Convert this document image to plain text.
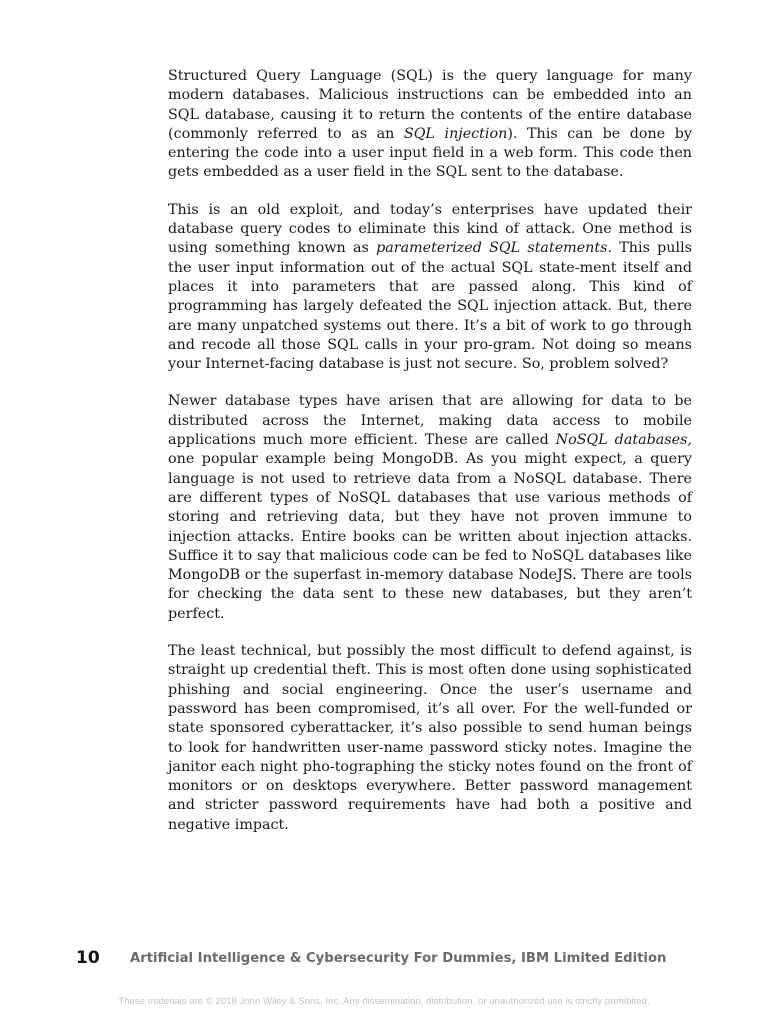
Structured Query Language (SQL) is the query language for many modern databases. Malicious instructions can be embedded into an SQL database, causing it to return the contents of the entire database (commonly referred to as an SQL injection). This can be done by entering the code into a user input field in a web form. This code then gets embedded as a user field in the SQL sent to the database.

This is an old exploit, and today’s enterprises have updated their database query codes to eliminate this kind of attack. One method is using something known as parameterized SQL statements. This pulls the user input information out of the actual SQL state‑ment itself and places it into parameters that are passed along. This kind of programming has largely defeated the SQL injection attack. But, there are many unpatched systems out there. It’s a bit of work to go through and recode all those SQL calls in your pro‑gram. Not doing so means your Internet‑facing database is just not secure. So, problem solved?

Newer database types have arisen that are allowing for data to be distributed across the Internet, making data access to mobile applications much more efficient. These are called NoSQL databases, one popular example being MongoDB. As you might expect, a query language is not used to retrieve data from a NoSQL database. There are different types of NoSQL databases that use various methods of storing and retrieving data, but they have not proven immune to injection attacks. Entire books can be written about injection attacks. Suffice it to say that malicious code can be fed to NoSQL databases like MongoDB or the superfast in‑memory database NodeJS. There are tools for checking the data sent to these new databases, but they aren’t perfect.

The least technical, but possibly the most difficult to defend against, is straight up credential theft. This is most often done using sophisticated phishing and social engineering. Once the user’s username and password has been compromised, it’s all over. For the well‑funded or state sponsored cyberattacker, it’s also possible to send human beings to look for handwritten user‑name password sticky notes. Imagine the janitor each night pho‑tographing the sticky notes found on the front of monitors or on desktops everywhere. Better password management and stricter password requirements have had both a positive and negative impact.

10 Artificial Intelligence & Cybersecurity For Dummies, IBM Limited Edition
These materials are © 2018 John Wiley & Sons, Inc. Any dissemination, distribution, or unauthorized use is strictly prohibited.
